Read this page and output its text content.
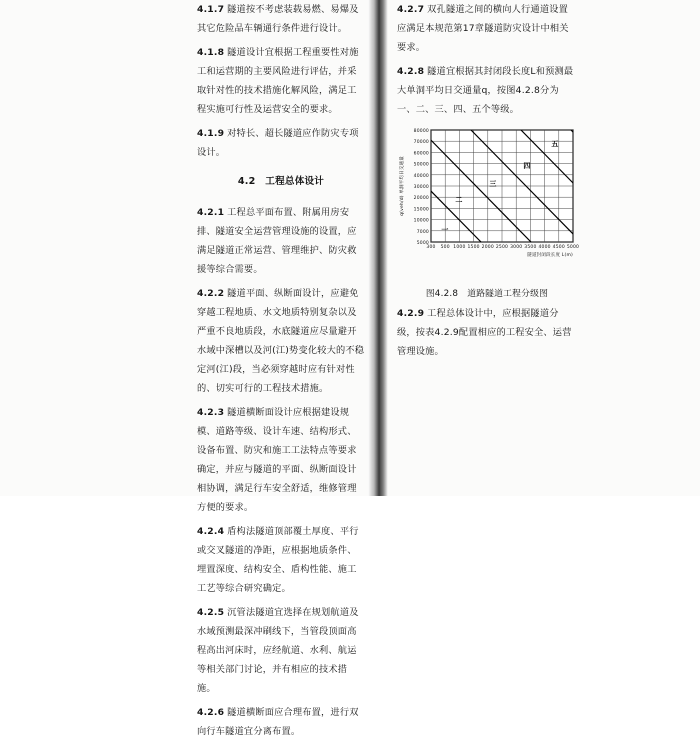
4.1.7 隧道按不考虑装载易燃、易爆及其它危险品车辆通行条件进行设计。

4.1.8 隧道设计宜根据工程重要性对施工和运营期的主要风险进行评估，并采取针对性的技术措施化解风险，满足工程实施可行性及运营安全的要求。

4.1.9 对特长、超长隧道应作防灾专项设计。

4.2　工程总体设计

4.2.1 工程总平面布置、附属用房安排、隧道安全运营管理设施的设置，应满足隧道正常运营、管理维护、防灾救援等综合需要。

4.2.2 隧道平面、纵断面设计，应避免穿越工程地质、水文地质特别复杂以及严重不良地质段，水底隧道应尽量避开水域中深槽以及河(江)势变化较大的不稳定河(江)段，当必须穿越时应有针对性的、切实可行的工程技术措施。

4.2.3 隧道横断面设计应根据建设规模、道路等级、设计车速、结构形式、设备布置、防灾和施工工法特点等要求确定，并应与隧道的平面、纵断面设计相协调，满足行车安全舒适，维修管理方便的要求。

4.2.4 盾构法隧道顶部覆土厚度、平行或交叉隧道的净距，应根据地质条件、埋置深度、结构安全、盾构性能、施工工艺等综合研究确定。

4.2.5 沉管法隧道宜选择在规划航道及水域预测最深冲刷线下，当管段顶面高程高出河床时，应经航道、水利、航运等相关部门讨论，并有相应的技术措施。

4.2.6 隧道横断面应合理布置，进行双向行车隧道宜分离布置。

4.2.7 双孔隧道之间的横向人行通道设置应满足本规范第17章隧道防灾设计中相关要求。

4.2.8 隧道宜根据其封闭段长度L和预测最大单洞平均日交通量q，按图4.2.8分为一、二、三、四、五个等级。

5000
7000
10000
15000
20000
30000
40000
50000
60000
70000
80000
300 500 1000 1500 2000 2500 3000 3500 4000 4500 5000
一
二
三
四
五
q(veh/d) 单洞平均日交通量
隧道封闭段长度 L(m)
图4.2.8　道路隧道工程分级图

4.2.9 工程总体设计中，应根据隧道分级，按表4.2.9配置相应的工程安全、运营管理设施。
